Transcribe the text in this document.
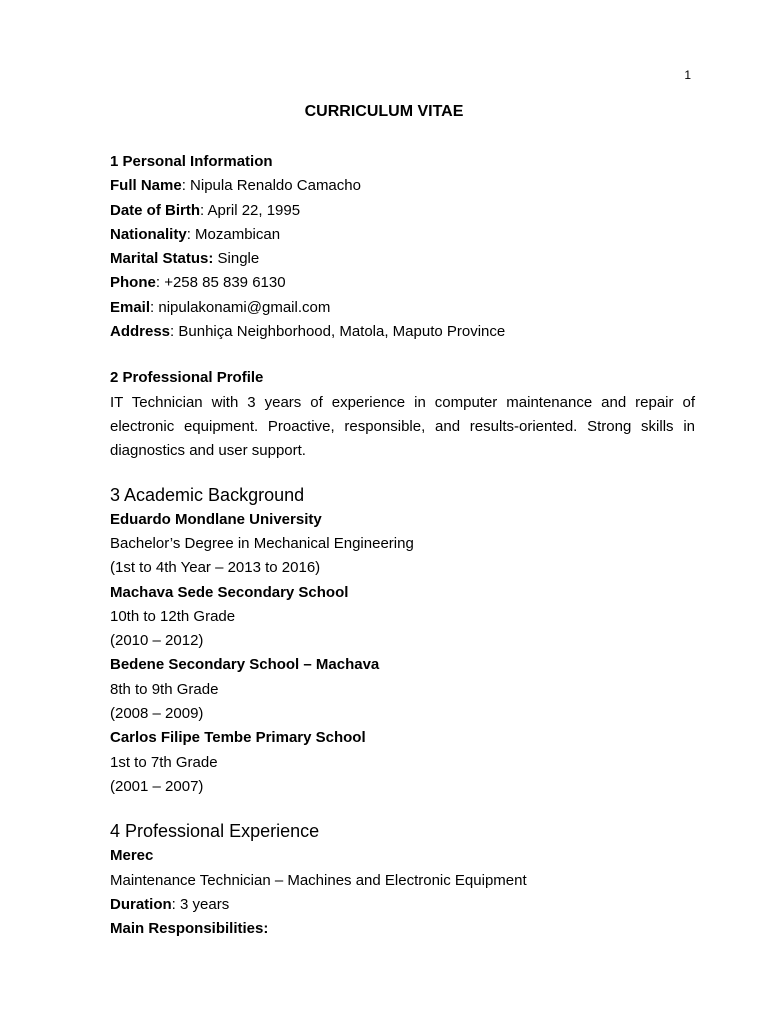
1
CURRICULUM VITAE
1 Personal Information
Full Name: Nipula Renaldo Camacho
Date of Birth: April 22, 1995
Nationality: Mozambican
Marital Status: Single
Phone: +258 85 839 6130
Email: nipulakonami@gmail.com
Address: Bunhiça Neighborhood, Matola, Maputo Province
2 Professional Profile
IT Technician with 3 years of experience in computer maintenance and repair of electronic equipment. Proactive, responsible, and results-oriented. Strong skills in diagnostics and user support.
3 Academic Background
Eduardo Mondlane University
Bachelor’s Degree in Mechanical Engineering
(1st to 4th Year – 2013 to 2016)
Machava Sede Secondary School
10th to 12th Grade
(2010 – 2012)
Bedene Secondary School – Machava
8th to 9th Grade
(2008 – 2009)
Carlos Filipe Tembe Primary School
1st to 7th Grade
(2001 – 2007)
4 Professional Experience
Merec
Maintenance Technician – Machines and Electronic Equipment
Duration: 3 years
Main Responsibilities:
